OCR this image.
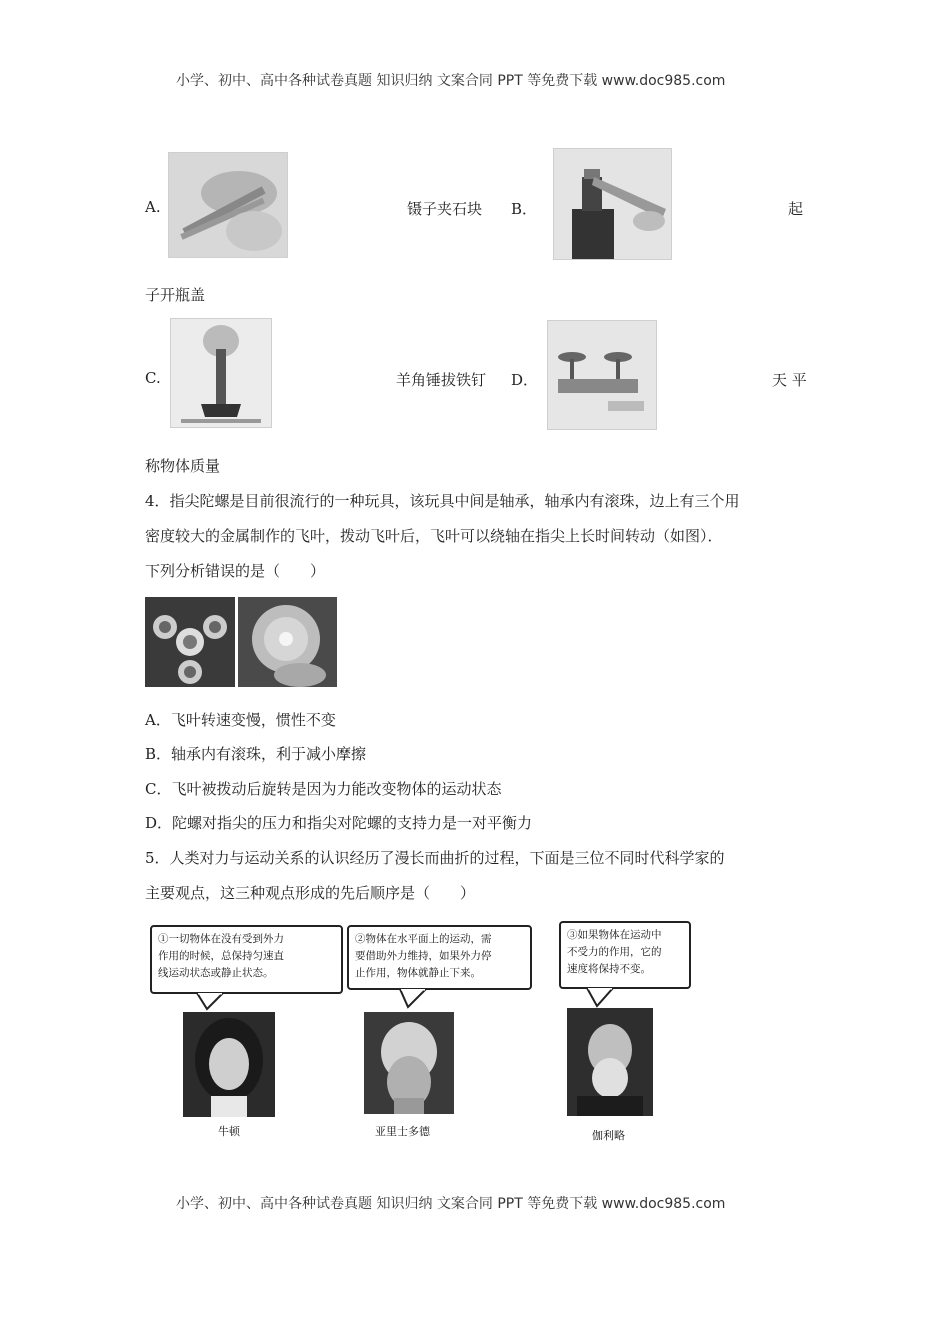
小学、初中、高中各种试卷真题 知识归纳 文案合同 PPT 等免费下载 www.doc985.com
A.	镊子夹石块 B．	起
子开瓶盖
C.	羊角锤拔铁钉 D．	天 平
称物体质量
4．指尖陀螺是目前很流行的一种玩具，该玩具中间是轴承，轴承内有滚珠，边上有三个用
密度较大的金属制作的飞叶，拨动飞叶后，飞叶可以绕轴在指尖上长时间转动（如图）．
下列分析错误的是（　　）
A．飞叶转速变慢，惯性不变
B．轴承内有滚珠，利于减小摩擦
C．飞叶被拨动后旋转是因为力能改变物体的运动状态
D．陀螺对指尖的压力和指尖对陀螺的支持力是一对平衡力
5．人类对力与运动关系的认识经历了漫长而曲折的过程，下面是三位不同时代科学家的
主要观点，这三种观点形成的先后顺序是（　　）
①一切物体在没有受到外力
作用的时候，总保持匀速直
线运动状态或静止状态。
牛顿
②物体在水平面上的运动，需
要借助外力维持，如果外力停
止作用，物体就静止下来。
亚里士多德
③如果物体在运动中
不受力的作用，它的
速度将保持不变。
伽利略
小学、初中、高中各种试卷真题 知识归纳 文案合同 PPT 等免费下载 www.doc985.com
